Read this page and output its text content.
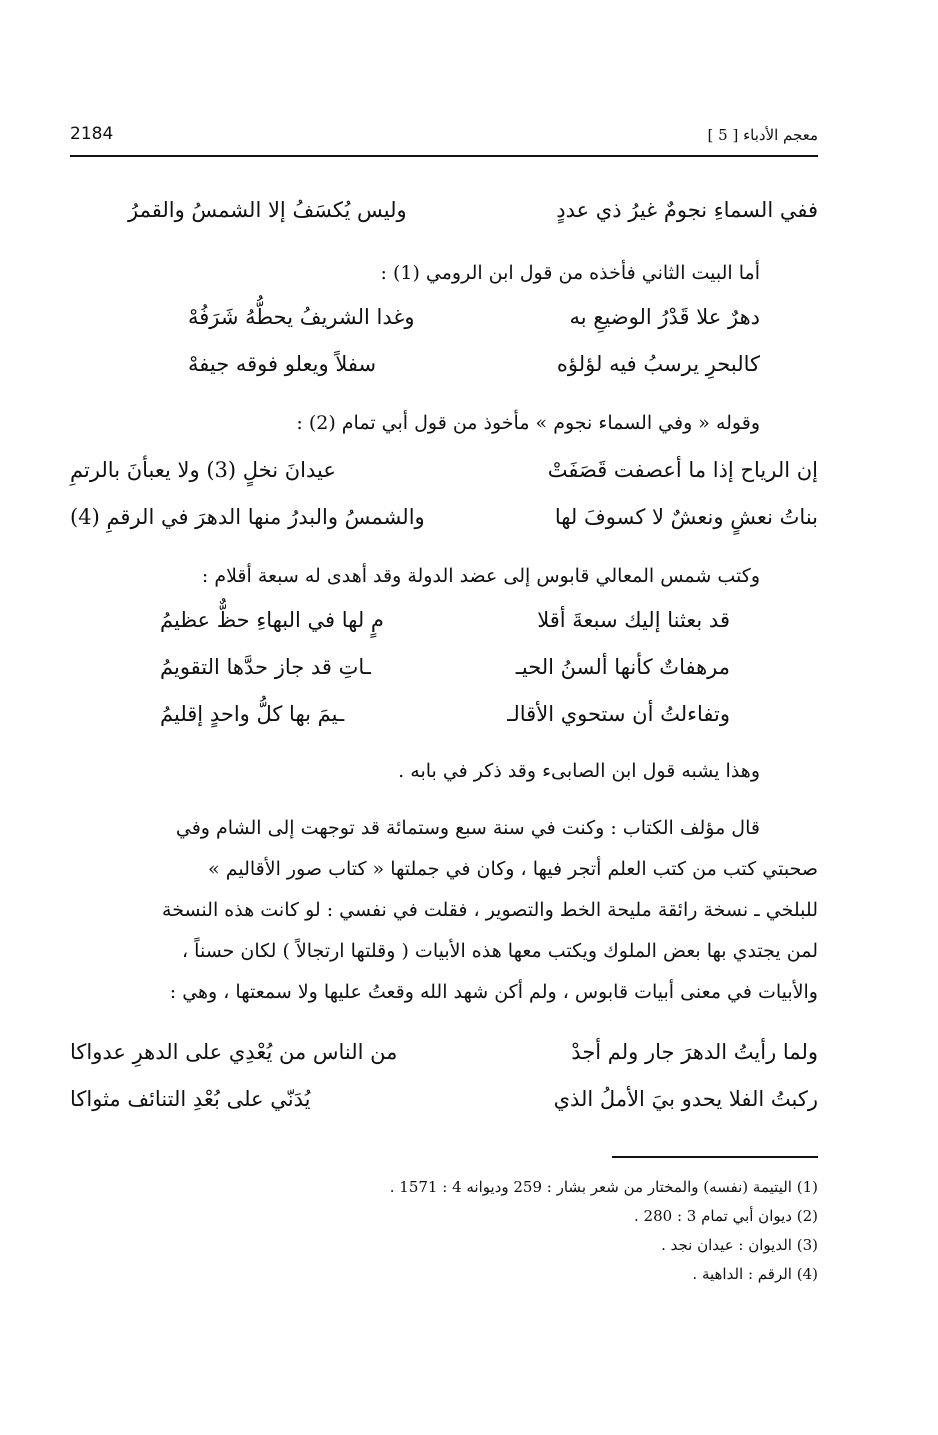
معجم الأدباء [ 5 ]
2184
ففي السماءِ نجومٌ غيرُ ذي عددٍ
وليس يُكسَفُ إلا الشمسُ والقمرُ
أما البيت الثاني فأخذه من قول ابن الرومي (1) :
دهرٌ علا قَدْرُ الوضيعِ به
وغدا الشريفُ يحطُّهُ شَرَفُهْ
كالبحرِ يرسبُ فيه لؤلؤه
سفلاً ويعلو فوقه جيفهْ
وقوله « وفي السماء نجوم » مأخوذ من قول أبي تمام (2) :
إن الرياح إذا ما أعصفت قَصَفَتْ
عيدانَ نخلٍ (3) ولا يعبأنَ بالرتمِ
بناتُ نعشٍ ونعشٌ لا كسوفَ لها
والشمسُ والبدرُ منها الدهرَ في الرقمِ (4)
وكتب شمس المعالي قابوس إلى عضد الدولة وقد أهدى له سبعة أقلام :
قد بعثنا إليك سبعةَ أقلا
مٍ لها في البهاءِ حظٌّ عظيمُ
مرهفاتٌ كأنها ألسنُ الحيـ
ـاتِ قد جاز حدَّها التقويمُ
وتفاءلتُ أن ستحوي الأقالـ
ـيمَ بها كلُّ واحدٍ إقليمُ
وهذا يشبه قول ابن الصابىء وقد ذكر في بابه .
قال مؤلف الكتاب : وكنت في سنة سبع وستمائة قد توجهت إلى الشام وفي
صحبتي كتب من كتب العلم أتجر فيها ، وكان في جملتها « كتاب صور الأقاليم »
للبلخي ـ نسخة رائقة مليحة الخط والتصوير ، فقلت في نفسي : لو كانت هذه النسخة
لمن يجتدي بها بعض الملوك ويكتب معها هذه الأبيات ( وقلتها ارتجالاً ) لكان حسناً ،
والأبيات في معنى أبيات قابوس ، ولم أكن شهد الله وقعتُ عليها ولا سمعتها ، وهي :
ولما رأيتُ الدهرَ جار ولم أجدْ
من الناس من يُعْدِي على الدهرِ عدواكا
ركبتُ الفلا يحدو بيَ الأملُ الذي
يُدَنّي على بُعْدِ التنائف مثواكا
(1) اليتيمة (نفسه) والمختار من شعر بشار : 259 وديوانه 4 : 1571 .
(2) ديوان أبي تمام 3 : 280 .
(3) الديوان : عيدان نجد .
(4) الرقم : الداهية .
